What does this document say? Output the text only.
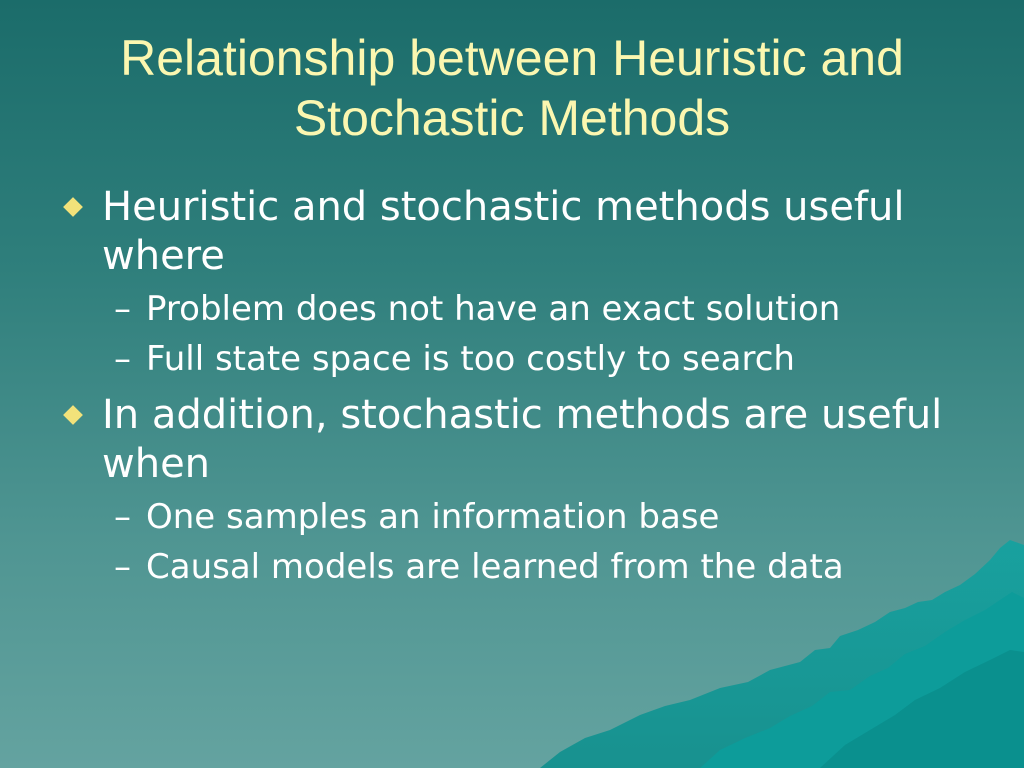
Relationship between Heuristic and Stochastic Methods

Heuristic and stochastic methods useful where

– Problem does not have an exact solution

– Full state space is too costly to search

In addition, stochastic methods are useful when

– One samples an information base

– Causal models are learned from the data
